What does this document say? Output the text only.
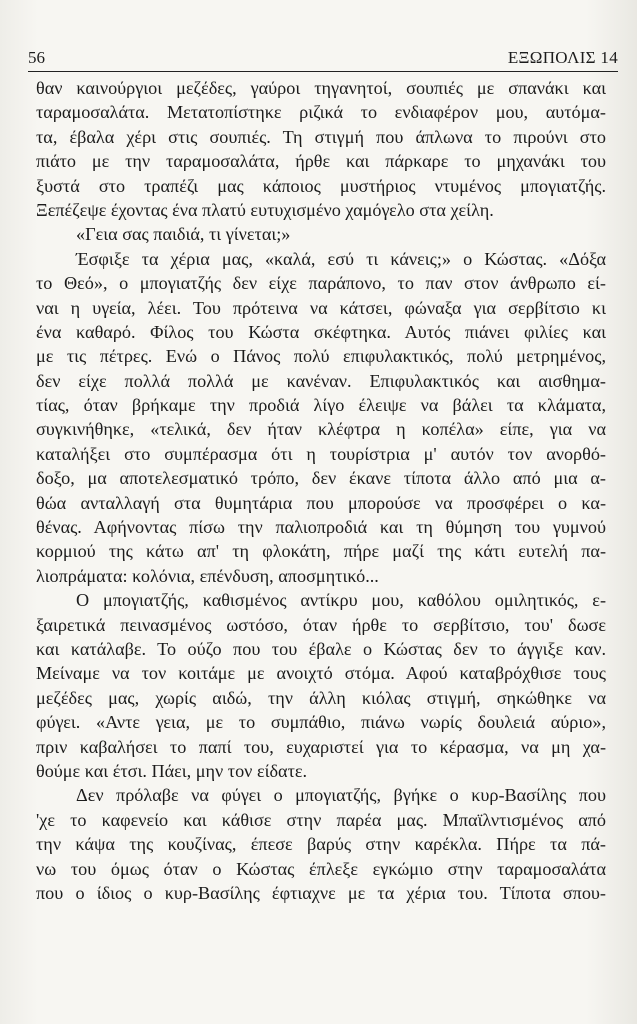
56	ΕΞΩΠΟΛΙΣ 14
θαν καινούργιοι μεζέδες, γαύροι τηγανητοί, σουπιές με σπανάκι και
ταραμοσαλάτα. Μετατοπίστηκε ριζικά το ενδιαφέρον μου, αυτόμα-
τα, έβαλα χέρι στις σουπιές. Τη στιγμή που άπλωνα το πιρούνι στο
πιάτο με την ταραμοσαλάτα, ήρθε και πάρκαρε το μηχανάκι του
ξυστά στο τραπέζι μας κάποιος μυστήριος ντυμένος μπογιατζής.
Ξεπέζεψε έχοντας ένα πλατύ ευτυχισμένο χαμόγελο στα χείλη.
«Γεια σας παιδιά, τι γίνεται;»
Έσφιξε τα χέρια μας, «καλά, εσύ τι κάνεις;» ο Κώστας. «Δόξα
το Θεό», ο μπογιατζής δεν είχε παράπονο, το παν στον άνθρωπο εί-
ναι η υγεία, λέει. Του πρότεινα να κάτσει, φώναξα για σερβίτσιο κι
ένα καθαρό. Φίλος του Κώστα σκέφτηκα. Αυτός πιάνει φιλίες και
με τις πέτρες. Ενώ ο Πάνος πολύ επιφυλακτικός, πολύ μετρημένος,
δεν είχε πολλά πολλά με κανέναν. Επιφυλακτικός και αισθημα-
τίας, όταν βρήκαμε την προδιά λίγο έλειψε να βάλει τα κλάματα,
συγκινήθηκε, «τελικά, δεν ήταν κλέφτρα η κοπέλα» είπε, για να
καταλήξει στο συμπέρασμα ότι η τουρίστρια μ' αυτόν τον ανορθό-
δοξο, μα αποτελεσματικό τρόπο, δεν έκανε τίποτα άλλο από μια α-
θώα ανταλλαγή στα θυμητάρια που μπορούσε να προσφέρει ο κα-
θένας. Αφήνοντας πίσω την παλιοπροδιά και τη θύμηση του γυμνού
κορμιού της κάτω απ' τη φλοκάτη, πήρε μαζί της κάτι ευτελή πα-
λιοπράματα: κολόνια, επένδυση, αποσμητικό...
Ο μπογιατζής, καθισμένος αντίκρυ μου, καθόλου ομιλητικός, ε-
ξαιρετικά πεινασμένος ωστόσο, όταν ήρθε το σερβίτσιο, του' δωσε
και κατάλαβε. Το ούζο που του έβαλε ο Κώστας δεν το άγγιξε καν.
Μείναμε να τον κοιτάμε με ανοιχτό στόμα. Αφού καταβρόχθισε τους
μεζέδες μας, χωρίς αιδώ, την άλλη κιόλας στιγμή, σηκώθηκε να
φύγει. «Αντε γεια, με το συμπάθιο, πιάνω νωρίς δουλειά αύριο»,
πριν καβαλήσει το παπί του, ευχαριστεί για το κέρασμα, να μη χα-
θούμε και έτσι. Πάει, μην τον είδατε.
Δεν πρόλαβε να φύγει ο μπογιατζής, βγήκε ο κυρ-Βασίλης που
'χε το καφενείο και κάθισε στην παρέα μας. Μπαϊλντισμένος από
την κάψα της κουζίνας, έπεσε βαρύς στην καρέκλα. Πήρε τα πά-
νω του όμως όταν ο Κώστας έπλεξε εγκώμιο στην ταραμοσαλάτα
που ο ίδιος ο κυρ-Βασίλης έφτιαχνε με τα χέρια του. Τίποτα σπου-
